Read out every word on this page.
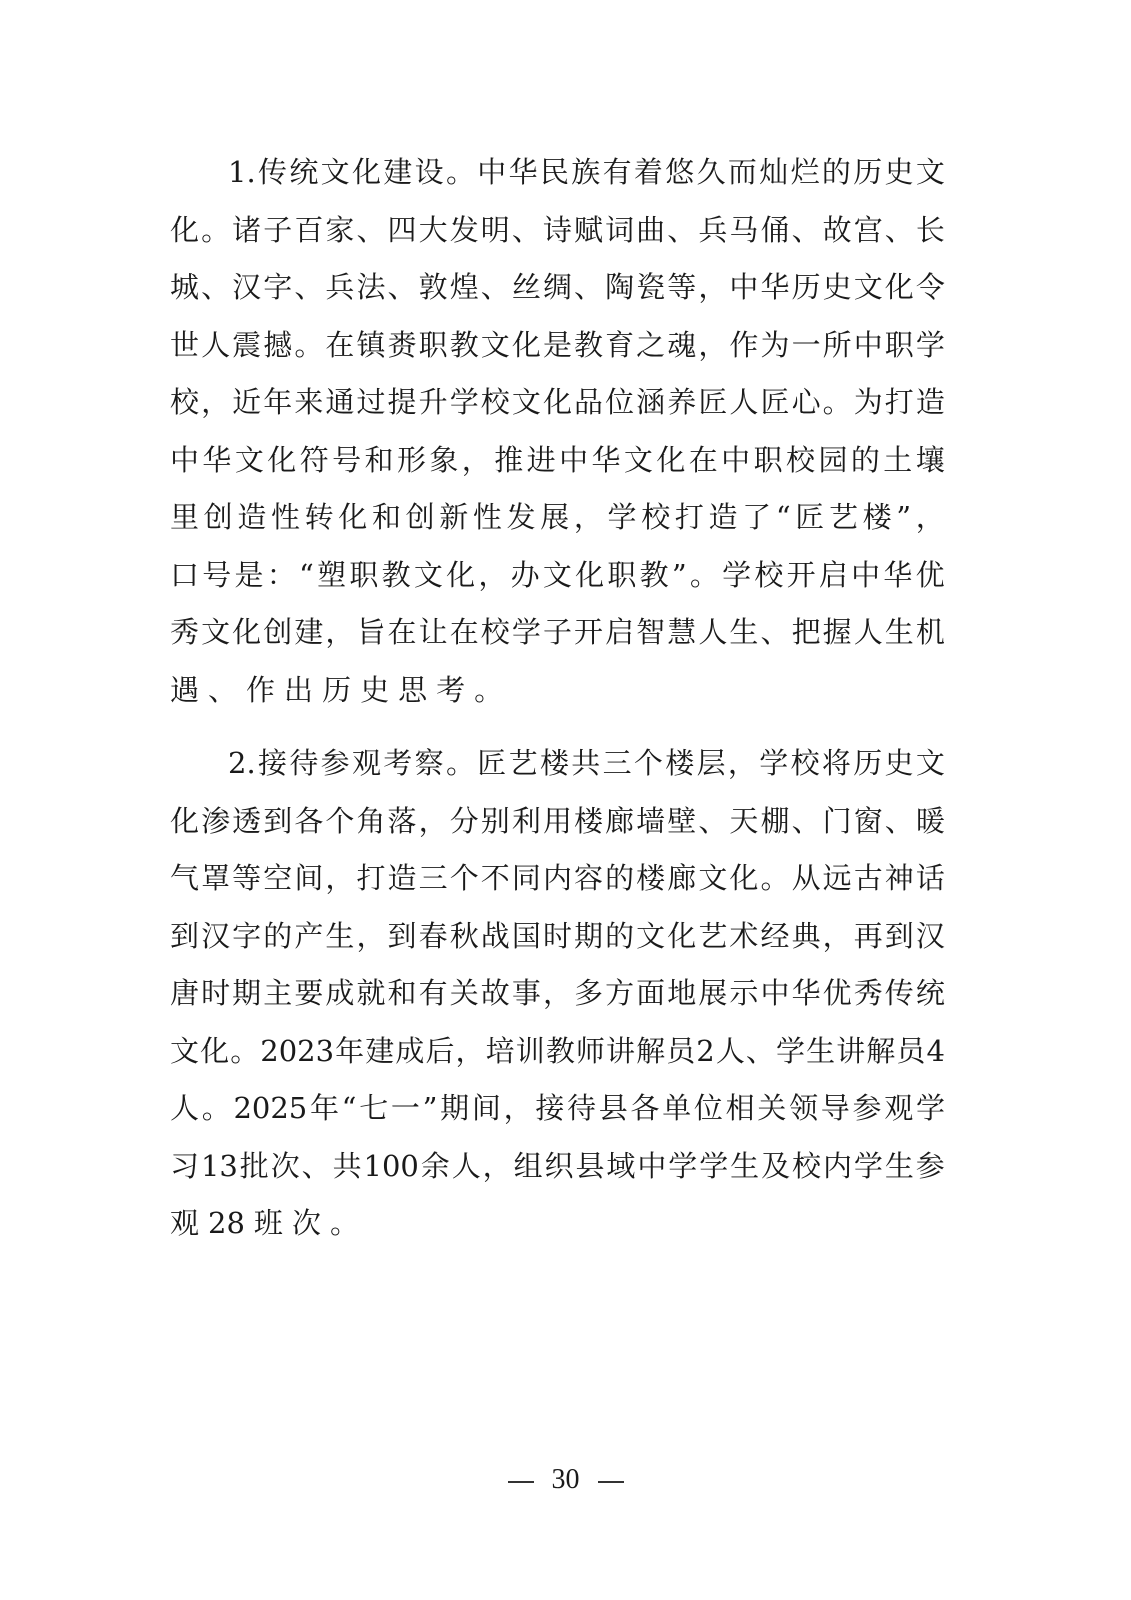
1. 传 统 文 化 建 设 。 中 华 民 族 有 着 悠 久 而 灿 烂 的 历 史 文
化 。 诸 子 百 家 、 四 大 发 明 、 诗 赋 词 曲 、 兵 马 俑 、 故 宫 、 长
城 、 汉 字 、 兵 法 、 敦 煌 、 丝 绸 、 陶 瓷 等 ， 中 华 历 史 文 化 令
世 人 震 撼 。 在 镇 赉 职 教 文 化 是 教 育 之 魂 ， 作 为 一 所 中 职 学
校 ， 近 年 来 通 过 提 升 学 校 文 化 品 位 涵 养 匠 人 匠 心 。 为 打 造
中 华 文 化 符 号 和 形 象 ， 推 进 中 华 文 化 在 中 职 校 园 的 土 壤
里 创 造 性 转 化 和 创 新 性 发 展 ， 学 校 打 造 了 “ 匠 艺 楼 ” ，
口 号 是 ： “ 塑 职 教 文 化 ， 办 文 化 职 教 ” 。 学 校 开 启 中 华 优
秀 文 化 创 建 ， 旨 在 让 在 校 学 子 开 启 智 慧 人 生 、 把 握 人 生 机
遇 、 作 出 历 史 思 考 。
2. 接 待 参 观 考 察 。 匠 艺 楼 共 三 个 楼 层 ， 学 校 将 历 史 文
化 渗 透 到 各 个 角 落 ， 分 别 利 用 楼 廊 墙 壁 、 天 棚 、 门 窗 、 暖
气 罩 等 空 间 ， 打 造 三 个 不 同 内 容 的 楼 廊 文 化 。 从 远 古 神 话
到 汉 字 的 产 生 ， 到 春 秋 战 国 时 期 的 文 化 艺 术 经 典 ， 再 到 汉
唐 时 期 主 要 成 就 和 有 关 故 事 ， 多 方 面 地 展 示 中 华 优 秀 传 统
文 化 。 2023 年 建 成 后 ， 培 训 教 师 讲 解 员 2 人 、 学 生 讲 解 员 4
人 。 2025 年 “ 七 一 ” 期 间 ， 接 待 县 各 单 位 相 关 领 导 参 观 学
习 13 批 次 、 共 100 余 人 ， 组 织 县 域 中 学 学 生 及 校 内 学 生 参
观 28 班 次 。
30
